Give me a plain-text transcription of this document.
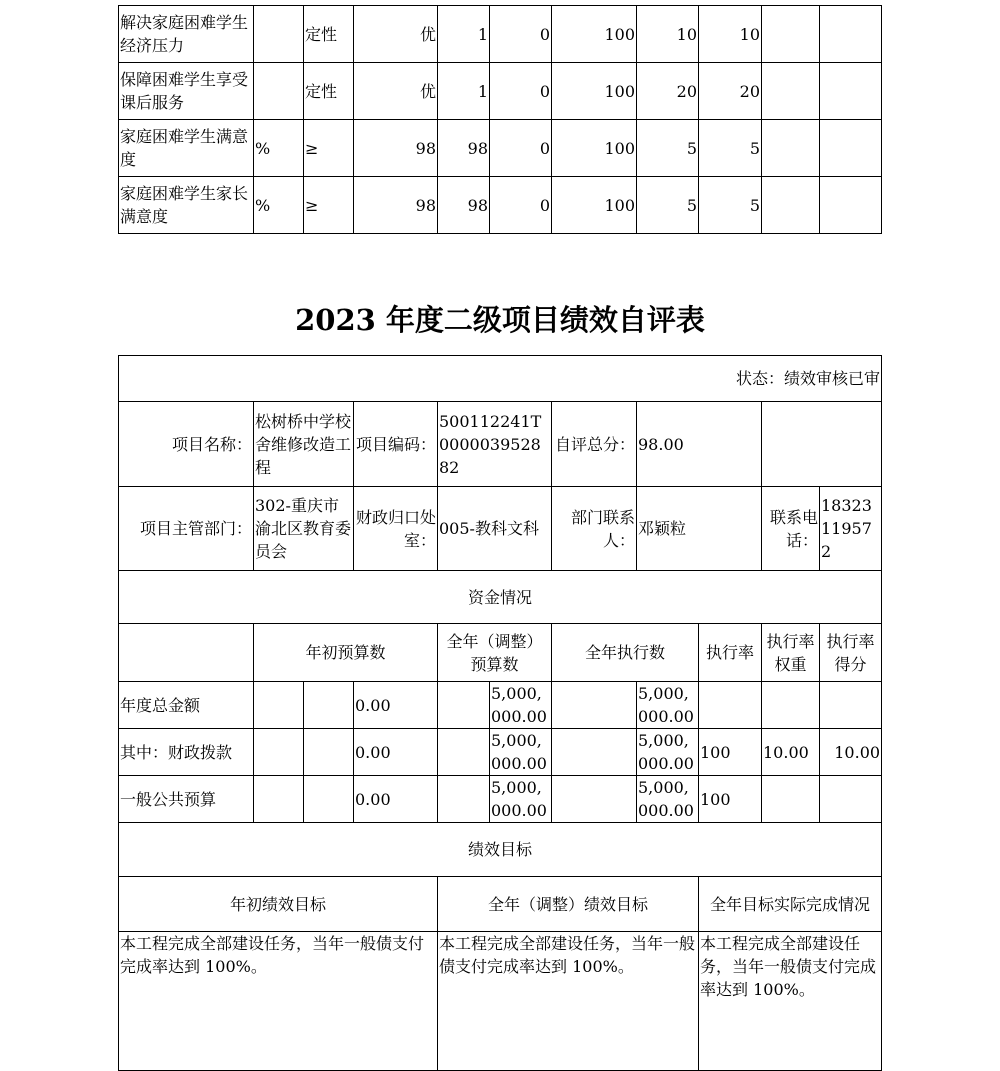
解决家庭困难学生经济压力		定性	优	1	0	100	10	10		
保障困难学生享受课后服务		定性	优	1	0	100	20	20		
家庭困难学生满意度	%	≥	98	98	0	100	5	5		
家庭困难学生家长满意度	%	≥	98	98	0	100	5	5		
2023 年度二级项目绩效自评表
状态：绩效审核已审										
项目名称：	松树桥中学校舍维修改造工程		项目编码：	500112241T000003952882		自评总分：	98.00			
项目主管部门：	302-重庆市渝北区教育委员会		财政归口处室：	005-教科文科		部门联系人：	邓颖粒		联系电话：	18323119572
资金情况										
	年初预算数			全年（调整）预算数		全年执行数		执行率	执行率权重	执行率得分
年度总金额			0.00		5,000,000.00		5,000,000.00			
其中：财政拨款			0.00		5,000,000.00		5,000,000.00	100	10.00	10.00
一般公共预算			0.00		5,000,000.00		5,000,000.00	100		
绩效目标										
年初绩效目标				全年（调整）绩效目标				全年目标实际完成情况		
本工程完成全部建设任务，当年一般债支付完成率达到 100%。				本工程完成全部建设任务，当年一般债支付完成率达到 100%。				本工程完成全部建设任务，当年一般债支付完成率达到 100%。		
